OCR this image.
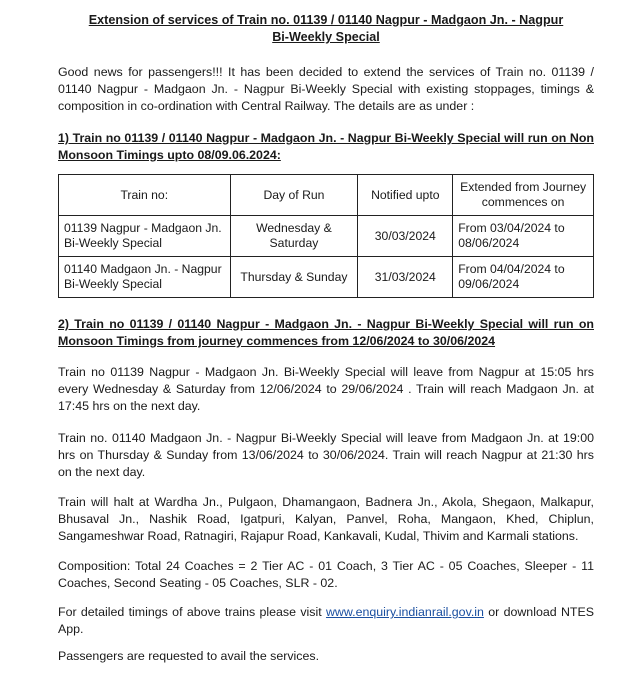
Extension of services of Train no. 01139 / 01140 Nagpur - Madgaon Jn. - Nagpur
Bi-Weekly Special
Good news for passengers!!! It has been decided to extend the services of Train no. 01139 / 01140 Nagpur - Madgaon Jn. - Nagpur Bi-Weekly Special with existing stoppages, timings & composition in co-ordination with Central Railway. The details are as under :
1) Train no 01139 / 01140 Nagpur - Madgaon Jn. - Nagpur Bi-Weekly Special will run on Non Monsoon Timings upto 08/09.06.2024:
Train no:	Day of Run	Notified upto	Extended from Journey commences on
01139 Nagpur - Madgaon Jn. Bi-Weekly Special	Wednesday & Saturday	30/03/2024	From 03/04/2024 to 08/06/2024
01140 Madgaon Jn. - Nagpur Bi-Weekly Special	Thursday & Sunday	31/03/2024	From 04/04/2024 to 09/06/2024
2) Train no 01139 / 01140 Nagpur - Madgaon Jn. - Nagpur Bi-Weekly Special will run on Monsoon Timings from journey commences from 12/06/2024 to 30/06/2024
Train no 01139 Nagpur - Madgaon Jn. Bi-Weekly Special will leave from Nagpur at 15:05 hrs every Wednesday & Saturday from 12/06/2024 to 29/06/2024 . Train will reach Madgaon Jn. at 17:45 hrs on the next day.
Train no. 01140 Madgaon Jn. - Nagpur Bi-Weekly Special will leave from Madgaon Jn. at 19:00 hrs on Thursday & Sunday from 13/06/2024 to 30/06/2024. Train will reach Nagpur at 21:30 hrs on the next day.
Train will halt at Wardha Jn., Pulgaon, Dhamangaon, Badnera Jn., Akola, Shegaon, Malkapur, Bhusaval Jn., Nashik Road, Igatpuri, Kalyan, Panvel, Roha, Mangaon, Khed, Chiplun, Sangameshwar Road, Ratnagiri, Rajapur Road, Kankavali, Kudal, Thivim and Karmali stations.
Composition: Total 24 Coaches = 2 Tier AC - 01 Coach, 3 Tier AC - 05 Coaches, Sleeper - 11 Coaches, Second Seating - 05 Coaches, SLR - 02.
For detailed timings of above trains please visit www.enquiry.indianrail.gov.in or download NTES App.
Passengers are requested to avail the services.
